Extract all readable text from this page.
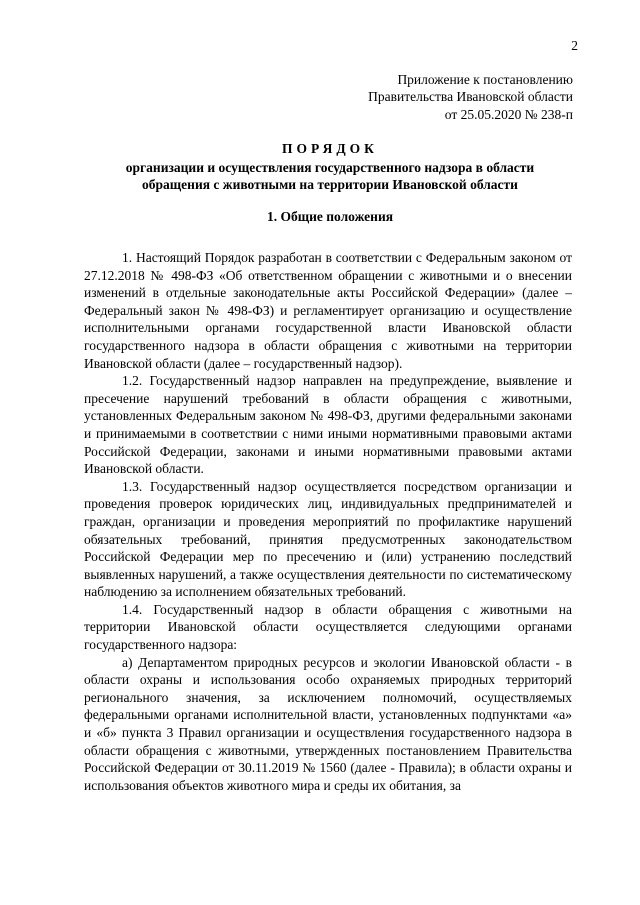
2
Приложение к постановлению
Правительства Ивановской области
от 25.05.2020 № 238-п
ПОРЯДОК
организации и осуществления государственного надзора в области
обращения с животными на территории Ивановской области
1. Общие положения

1. Настоящий Порядок разработан в соответствии с Федеральным законом от 27.12.2018 № 498-ФЗ «Об ответственном обращении с животными и о внесении изменений в отдельные законодательные акты Российской Федерации» (далее – Федеральный закон № 498-ФЗ) и регламентирует организацию и осуществление исполнительными органами государственной власти Ивановской области государственного надзора в области обращения с животными на территории Ивановской области (далее – государственный надзор).

1.2. Государственный надзор направлен на предупреждение, выявление и пресечение нарушений требований в области обращения с животными, установленных Федеральным законом № 498-ФЗ, другими федеральными законами и принимаемыми в соответствии с ними иными нормативными правовыми актами Российской Федерации, законами и иными нормативными правовыми актами Ивановской области.

1.3. Государственный надзор осуществляется посредством организации и проведения проверок юридических лиц, индивидуальных предпринимателей и граждан, организации и проведения мероприятий по профилактике нарушений обязательных требований, принятия предусмотренных законодательством Российской Федерации мер по пресечению и (или) устранению последствий выявленных нарушений, а также осуществления деятельности по систематическому наблюдению за исполнением обязательных требований.

1.4. Государственный надзор в области обращения с животными на территории Ивановской области осуществляется следующими органами государственного надзора:

а) Департаментом природных ресурсов и экологии Ивановской области - в области охраны и использования особо охраняемых природных территорий регионального значения, за исключением полномочий, осуществляемых федеральными органами исполнительной власти, установленных подпунктами «а» и «б» пункта 3 Правил организации и осуществления государственного надзора в области обращения с животными, утвержденных постановлением Правительства Российской Федерации от 30.11.2019 № 1560 (далее - Правила); в области охраны и использования объектов животного мира и среды их обитания, за
